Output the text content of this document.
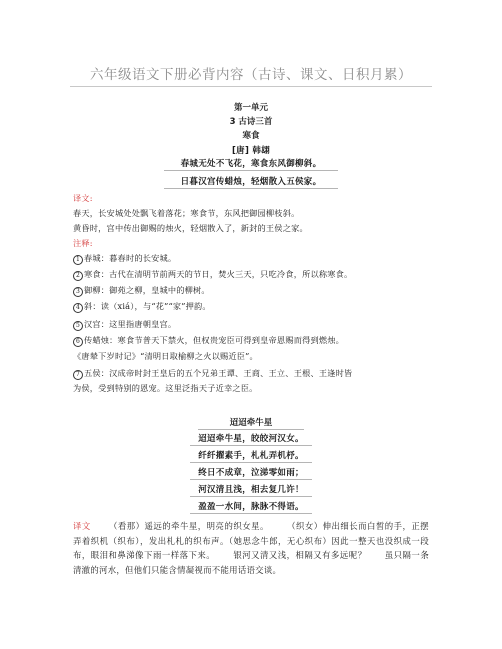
六年级语文下册必背内容（古诗、课文、日积月累）
第一单元
3 古诗三首
寒食
[唐] 韩翃
春城无处不飞花，寒食东风御柳斜。
日暮汉宫传蜡烛，轻烟散入五侯家。
译文:
春天，长安城处处飘飞着落花；寒食节，东风把御园柳枝斜。
黄昏时，宫中传出御赐的烛火，轻烟散入了，新封的王侯之家。
注释:
1 春城：暮春时的长安城。
2 寒食：古代在清明节前两天的节日，焚火三天，只吃冷食，所以称寒食。
3 御柳：御苑之柳，皇城中的柳树。
4 斜：读（xiá），与“花”“家”押韵。
5 汉宫：这里指唐朝皇宫。
6 传蜡烛：寒食节普天下禁火，但权贵宠臣可得到皇帝恩赐而得到燃烛。
《唐辇下岁时记》“清明日取榆柳之火以赐近臣”。
7 五侯：汉成帝时封王皇后的五个兄弟王谭、王商、王立、王根、王逢时皆
为侯，受到特别的恩宠。这里泛指天子近幸之臣。
迢迢牵牛星
迢迢牵牛星，皎皎河汉女。
纤纤擢素手，札札弄机杼。
终日不成章，泣涕零如雨；
河汉清且浅，相去复几许！
盈盈一水间，脉脉不得语。
译文 （看那）遥远的牵牛星，明亮的织女星。 （织女）伸出细长而白皙的手，正摆弄着织机（织布），发出札札的织布声。（她思念牛郎，无心织布）因此一整天也没织成一段布，眼泪和鼻涕像下雨一样落下来。 银河又清又浅，相隔又有多远呢？ 虽只隔一条清澈的河水，但他们只能含情凝视而不能用话语交谈。
